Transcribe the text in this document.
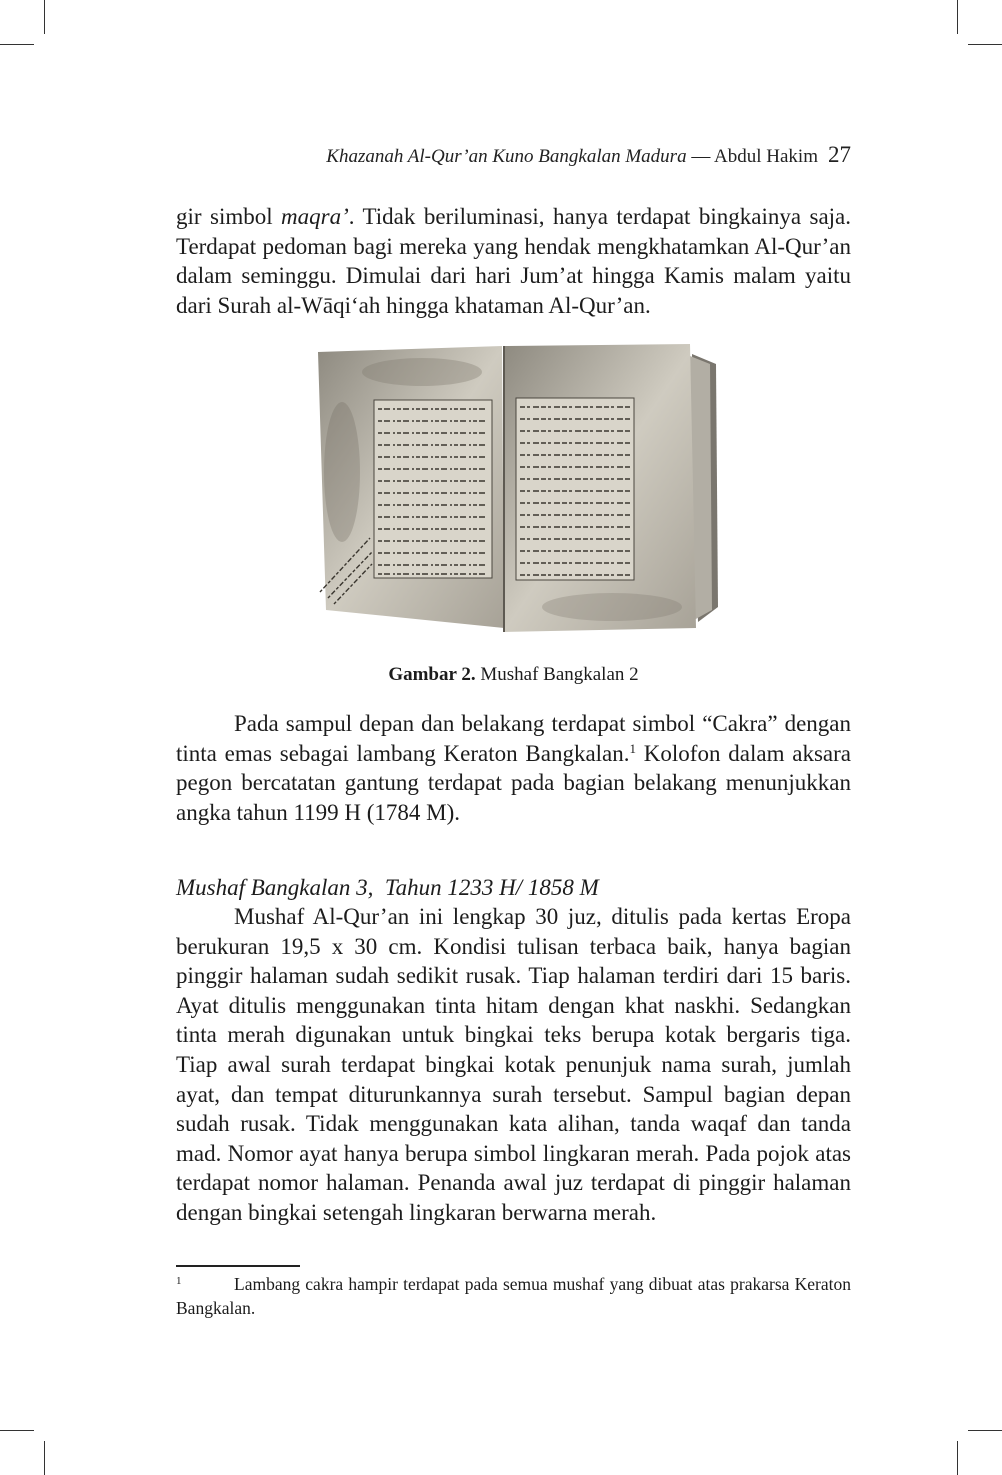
Khazanah Al-Qur’an Kuno Bangkalan Madura — Abdul Hakim 27

gir simbol maqra’. Tidak beriluminasi, hanya terdapat bingkainya saja. Terdapat pedoman bagi mereka yang hendak mengkhatamkan Al-Qur’an dalam seminggu. Dimulai dari hari Jum’at hingga Kamis malam yaitu dari Surah al-Wāqi‘ah hingga khataman Al-Qur’an.

Gambar 2. Mushaf Bangkalan 2

Pada sampul depan dan belakang terdapat simbol “Cakra” dengan tinta emas sebagai lambang Keraton Bangkalan.$^1$ Kolofon dalam aksara pegon bercatatan gantung terdapat pada bagian belakang menunjukkan angka tahun 1199 H (1784 M).

Mushaf Bangkalan 3,  Tahun 1233 H/ 1858 M

Mushaf Al-Qur’an ini lengkap 30 juz, ditulis pada kertas Eropa berukuran 19,5 x 30 cm. Kondisi tulisan terbaca baik, hanya bagian pinggir halaman sudah sedikit rusak. Tiap halaman terdiri dari 15 baris. Ayat ditulis menggunakan tinta hitam dengan khat naskhi. Sedangkan tinta merah digunakan untuk bingkai teks berupa kotak bergaris tiga. Tiap awal surah terdapat bingkai kotak penunjuk nama surah, jumlah ayat, dan tempat diturunkannya surah tersebut. Sampul bagian depan sudah rusak. Tidak menggunakan kata alihan, tanda waqaf dan tanda mad. Nomor ayat hanya berupa simbol lingkaran merah. Pada pojok atas terdapat nomor halaman. Penanda awal juz terdapat di pinggir halaman dengan bingkai setengah lingkaran berwarna merah.

1	Lambang cakra hampir terdapat pada semua mushaf yang dibuat atas prakarsa Keraton Bangkalan.
